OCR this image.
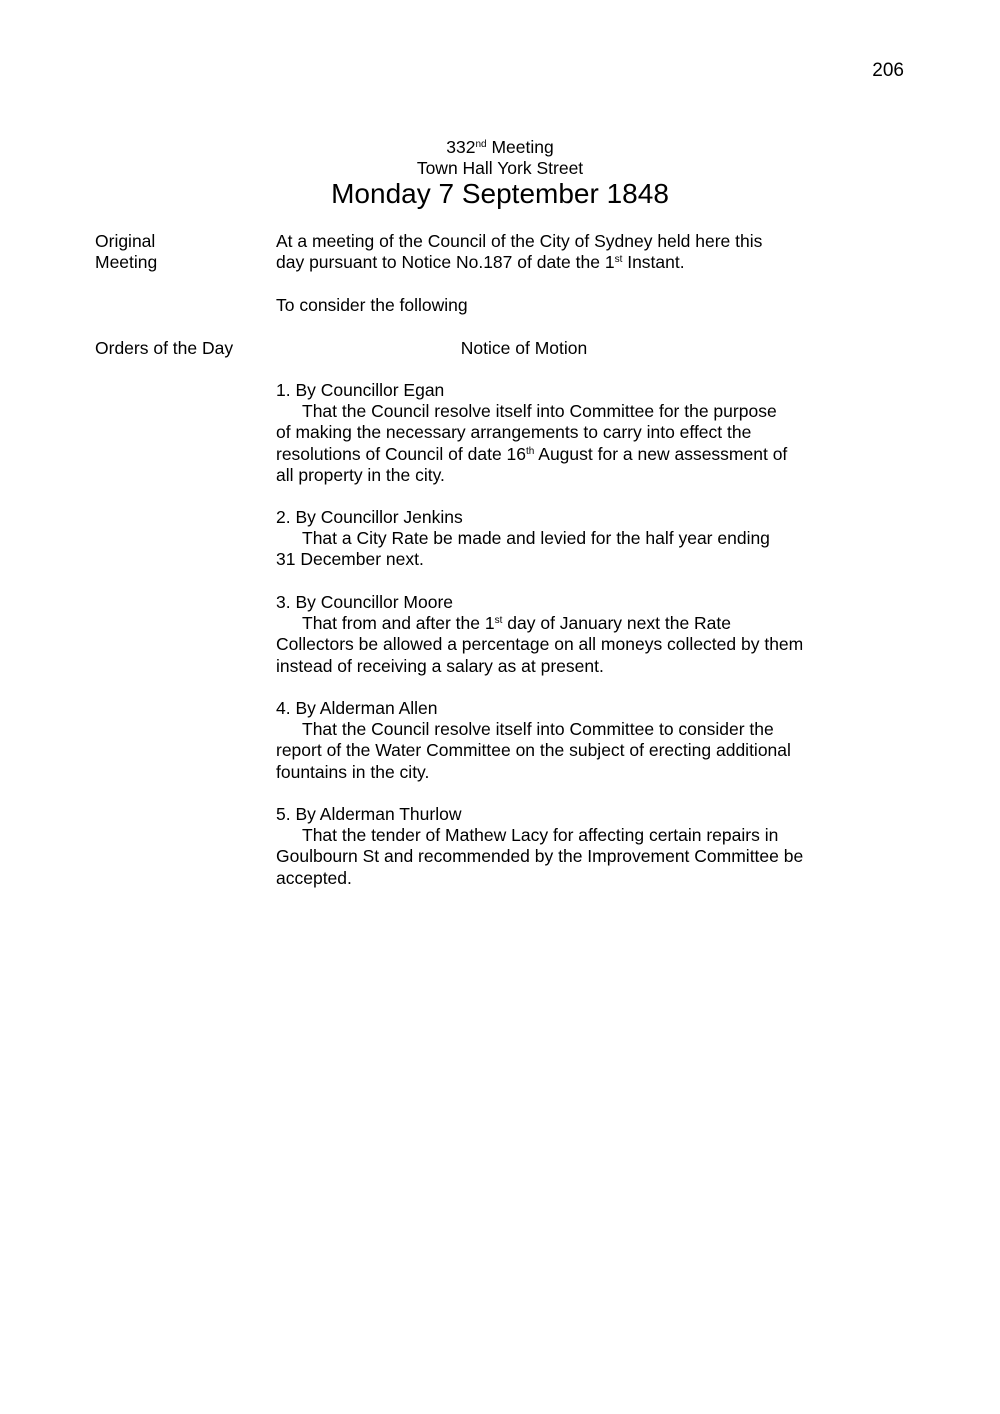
206
332nd Meeting
Town Hall York Street
Monday 7 September 1848
Original
Meeting
At a meeting of the Council of the City of Sydney held here this
day pursuant to Notice No.187 of date the 1st Instant.
To consider the following
Orders of the Day	Notice of Motion
1. By Councillor Egan
That the Council resolve itself into Committee for the purpose
of making the necessary arrangements to carry into effect the
resolutions of Council of date 16th August for a new assessment of
all property in the city.
2. By Councillor Jenkins
That a City Rate be made and levied for the half year ending
31 December next.
3. By Councillor Moore
That from and after the 1st day of January next the Rate
Collectors be allowed a percentage on all moneys collected by them
instead of receiving a salary as at present.
4. By Alderman Allen
That the Council resolve itself into Committee to consider the
report of the Water Committee on the subject of erecting additional
fountains in the city.
5. By Alderman Thurlow
That the tender of Mathew Lacy for affecting certain repairs in
Goulbourn St and recommended by the Improvement Committee be
accepted.
